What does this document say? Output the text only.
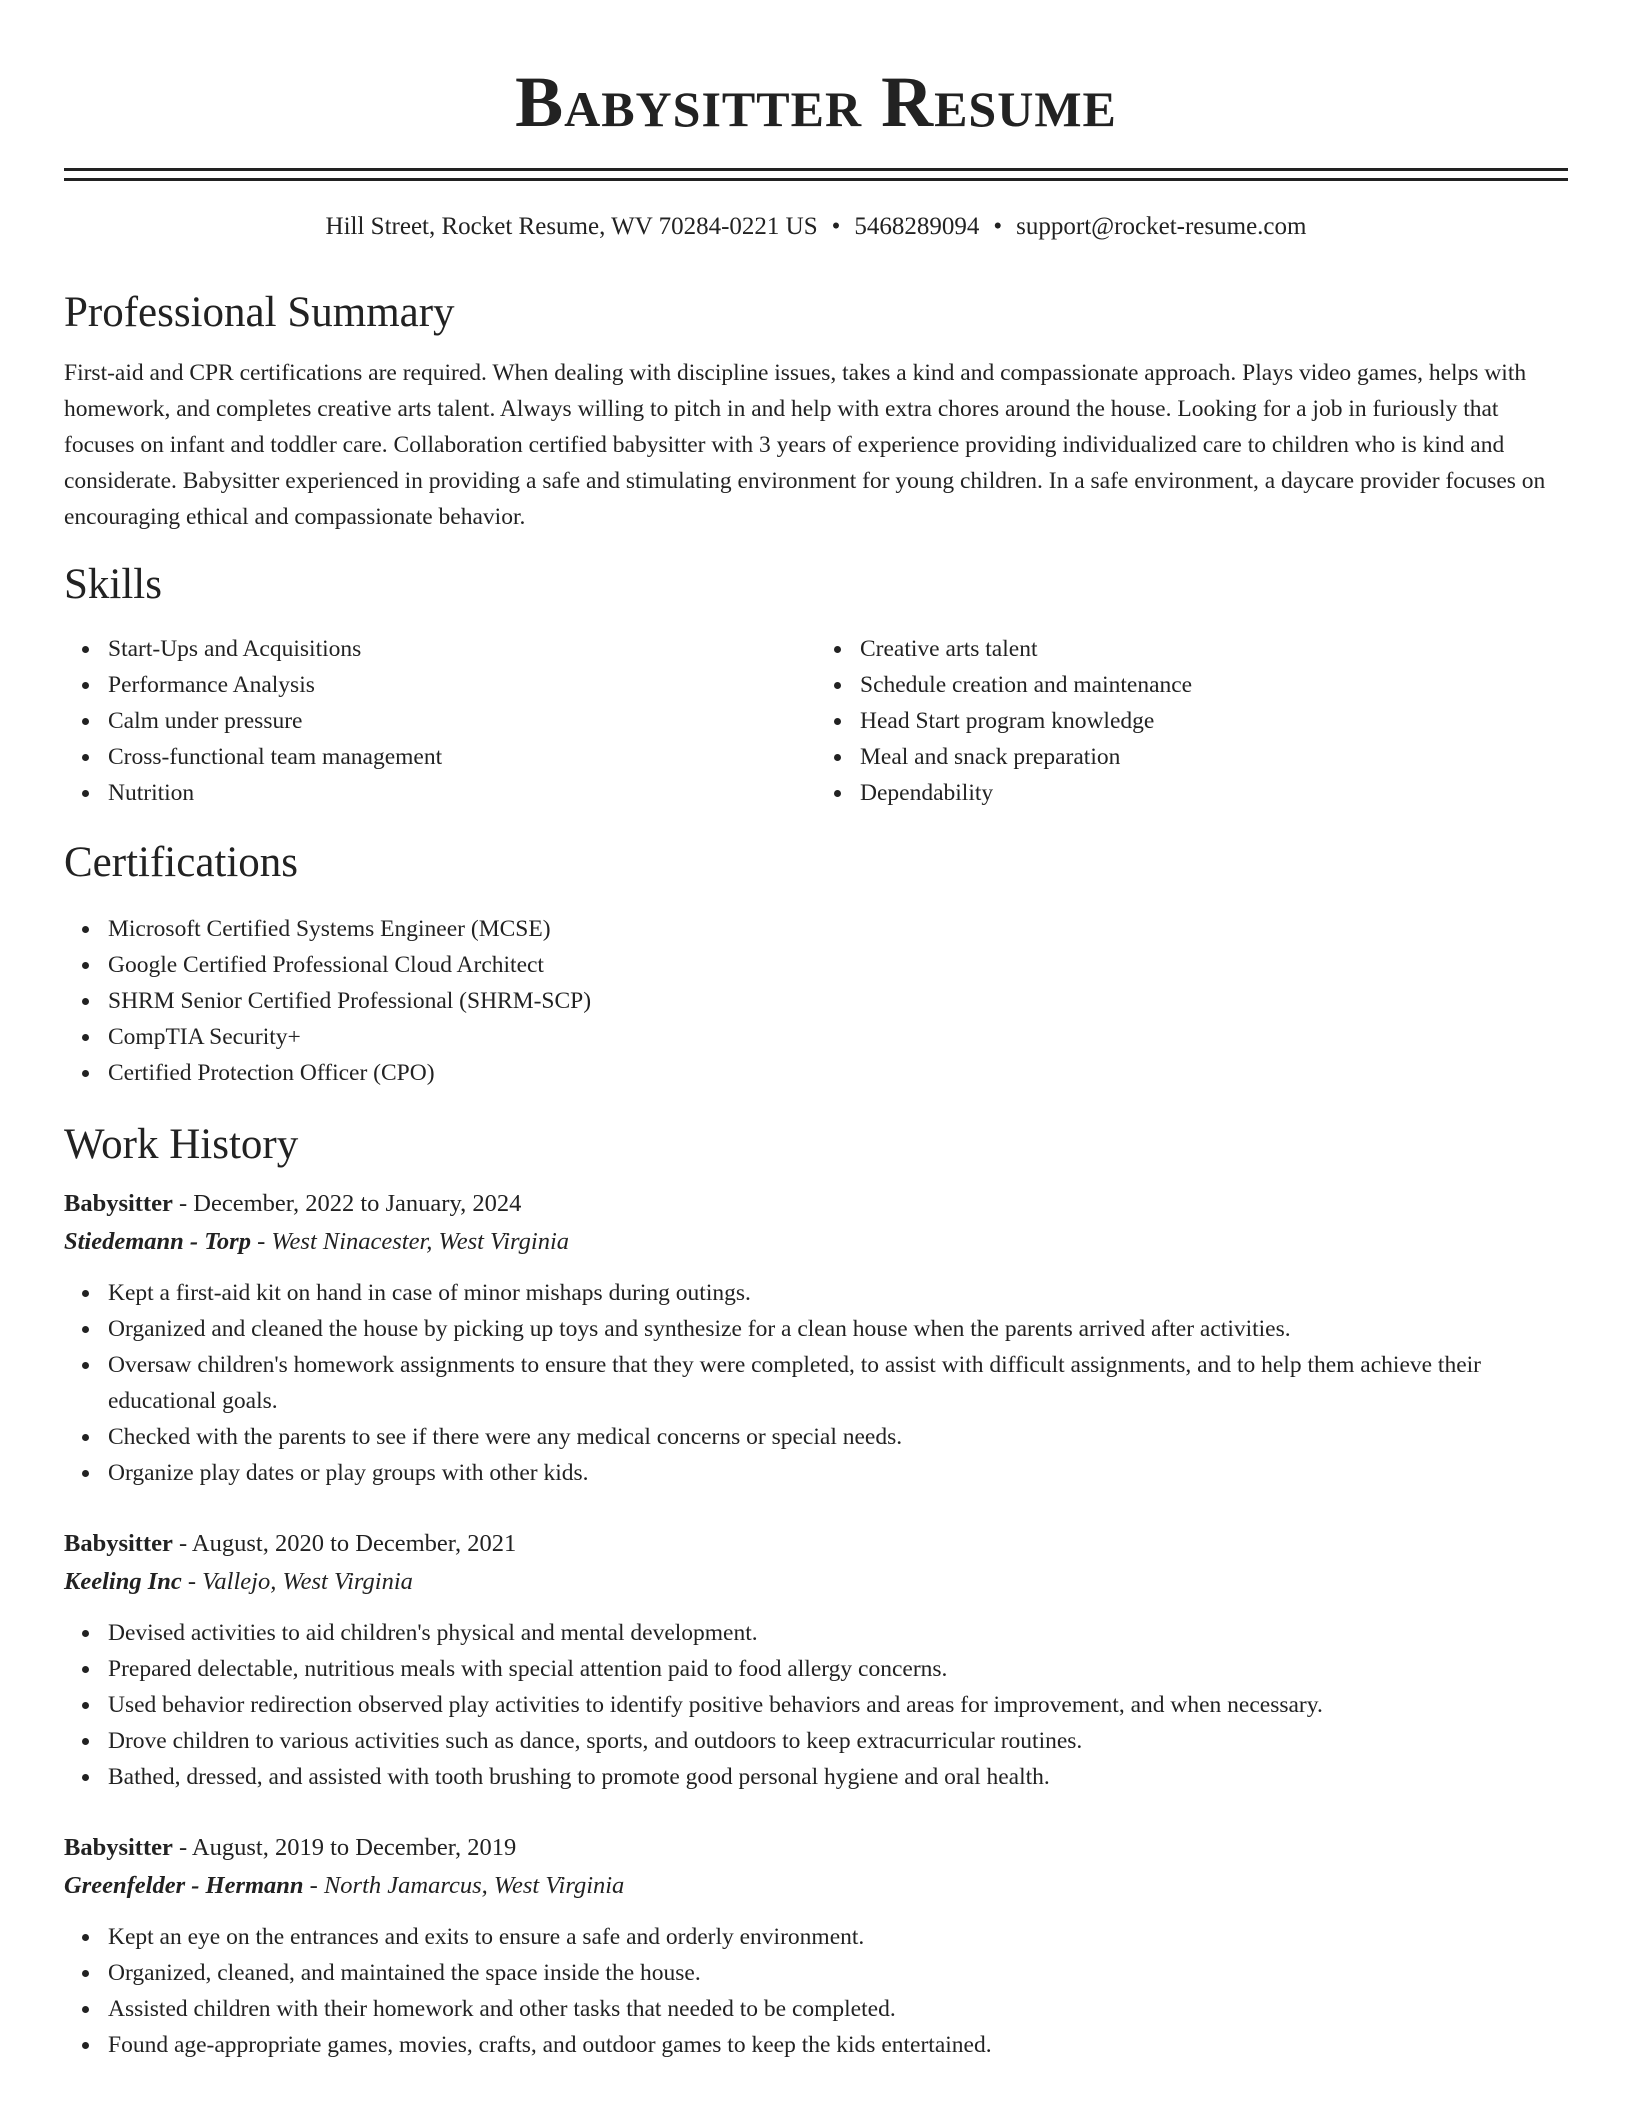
Babysitter Resume
Hill Street, Rocket Resume, WV 70284-0221 US • 5468289094 • support@rocket-resume.com
Professional Summary

First-aid and CPR certifications are required. When dealing with discipline issues, takes a kind and compassionate approach. Plays video games, helps with homework, and completes creative arts talent. Always willing to pitch in and help with extra chores around the house. Looking for a job in furiously that focuses on infant and toddler care. Collaboration certified babysitter with 3 years of experience providing individualized care to children who is kind and considerate. Babysitter experienced in providing a safe and stimulating environment for young children. In a safe environment, a daycare provider focuses on encouraging ethical and compassionate behavior.

Skills
Start-Ups and Acquisitions
Performance Analysis
Calm under pressure
Cross-functional team management
Nutrition
Creative arts talent
Schedule creation and maintenance
Head Start program knowledge
Meal and snack preparation
Dependability
Certifications
Microsoft Certified Systems Engineer (MCSE)
Google Certified Professional Cloud Architect
SHRM Senior Certified Professional (SHRM-SCP)
CompTIA Security+
Certified Protection Officer (CPO)
Work History
Babysitter - December, 2022 to January, 2024
Stiedemann - Torp - West Ninacester, West Virginia
Kept a first-aid kit on hand in case of minor mishaps during outings.
Organized and cleaned the house by picking up toys and synthesize for a clean house when the parents arrived after activities.
Oversaw children's homework assignments to ensure that they were completed, to assist with difficult assignments, and to help them achieve their educational goals.
Checked with the parents to see if there were any medical concerns or special needs.
Organize play dates or play groups with other kids.
Babysitter - August, 2020 to December, 2021
Keeling Inc - Vallejo, West Virginia
Devised activities to aid children's physical and mental development.
Prepared delectable, nutritious meals with special attention paid to food allergy concerns.
Used behavior redirection observed play activities to identify positive behaviors and areas for improvement, and when necessary.
Drove children to various activities such as dance, sports, and outdoors to keep extracurricular routines.
Bathed, dressed, and assisted with tooth brushing to promote good personal hygiene and oral health.
Babysitter - August, 2019 to December, 2019
Greenfelder - Hermann - North Jamarcus, West Virginia
Kept an eye on the entrances and exits to ensure a safe and orderly environment.
Organized, cleaned, and maintained the space inside the house.
Assisted children with their homework and other tasks that needed to be completed.
Found age-appropriate games, movies, crafts, and outdoor games to keep the kids entertained.
